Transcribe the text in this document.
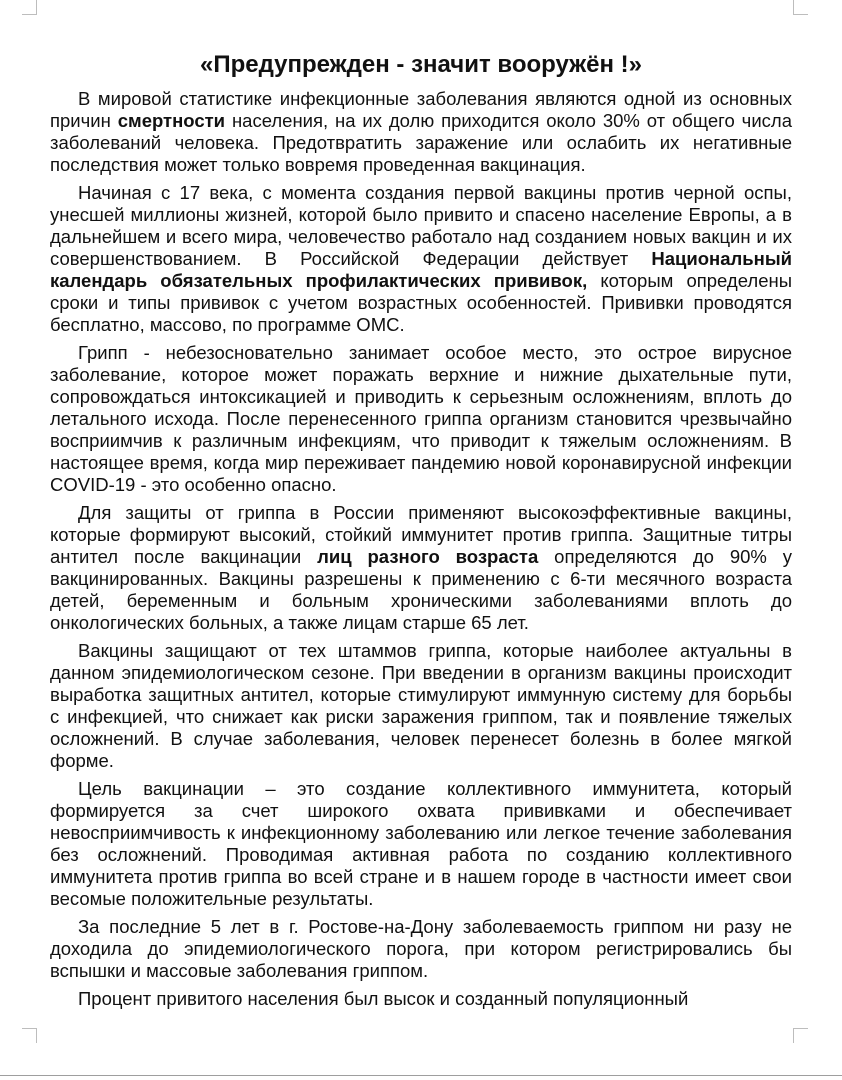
«Предупрежден - значит вооружён !»

В мировой статистике инфекционные заболевания являются одной из основных причин смертности населения, на их долю приходится около 30% от общего числа заболеваний человека. Предотвратить заражение или ослабить их негативные последствия может только вовремя проведенная вакцинация.

Начиная с 17 века, с момента создания первой вакцины против черной оспы, унесшей миллионы жизней, которой было привито и спасено население Европы, а в дальнейшем и всего мира, человечество работало над созданием новых вакцин и их совершенствованием. В Российской Федерации действует Национальный календарь обязательных профилактических прививок, которым определены сроки и типы прививок с учетом возрастных особенностей. Прививки проводятся бесплатно, массово, по программе ОМС.

Грипп - небезосновательно занимает особое место, это острое вирусное заболевание, которое может поражать верхние и нижние дыхательные пути, сопровождаться интоксикацией и приводить к серьезным осложнениям, вплоть до летального исхода. После перенесенного гриппа организм становится чрезвычайно восприимчив к различным инфекциям, что приводит к тяжелым осложнениям. В настоящее время, когда мир переживает пандемию новой коронавирусной инфекции COVID-19 - это особенно опасно.

Для защиты от гриппа в России применяют высокоэффективные вакцины, которые формируют высокий, стойкий иммунитет против гриппа. Защитные титры антител после вакцинации лиц разного возраста определяются до 90% у вакцинированных. Вакцины разрешены к применению с 6-ти месячного возраста детей, беременным и больным хроническими заболеваниями вплоть до онкологических больных, а также лицам старше 65 лет.

Вакцины защищают от тех штаммов гриппа, которые наиболее актуальны в данном эпидемиологическом сезоне. При введении в организм вакцины происходит выработка защитных антител, которые стимулируют иммунную систему для борьбы с инфекцией, что снижает как риски заражения гриппом, так и появление тяжелых осложнений. В случае заболевания, человек перенесет болезнь в более мягкой форме.

Цель вакцинации – это создание коллективного иммунитета, который формируется за счет широкого охвата прививками и обеспечивает невосприимчивость к инфекционному заболеванию или легкое течение заболевания без осложнений. Проводимая активная работа по созданию коллективного иммунитета против гриппа во всей стране и в нашем городе в частности имеет свои весомые положительные результаты.

За последние 5 лет в г. Ростове-на-Дону заболеваемость гриппом ни разу не доходила до эпидемиологического порога, при котором регистрировались бы вспышки и массовые заболевания гриппом.

Процент привитого населения был высок и созданный популяционный
